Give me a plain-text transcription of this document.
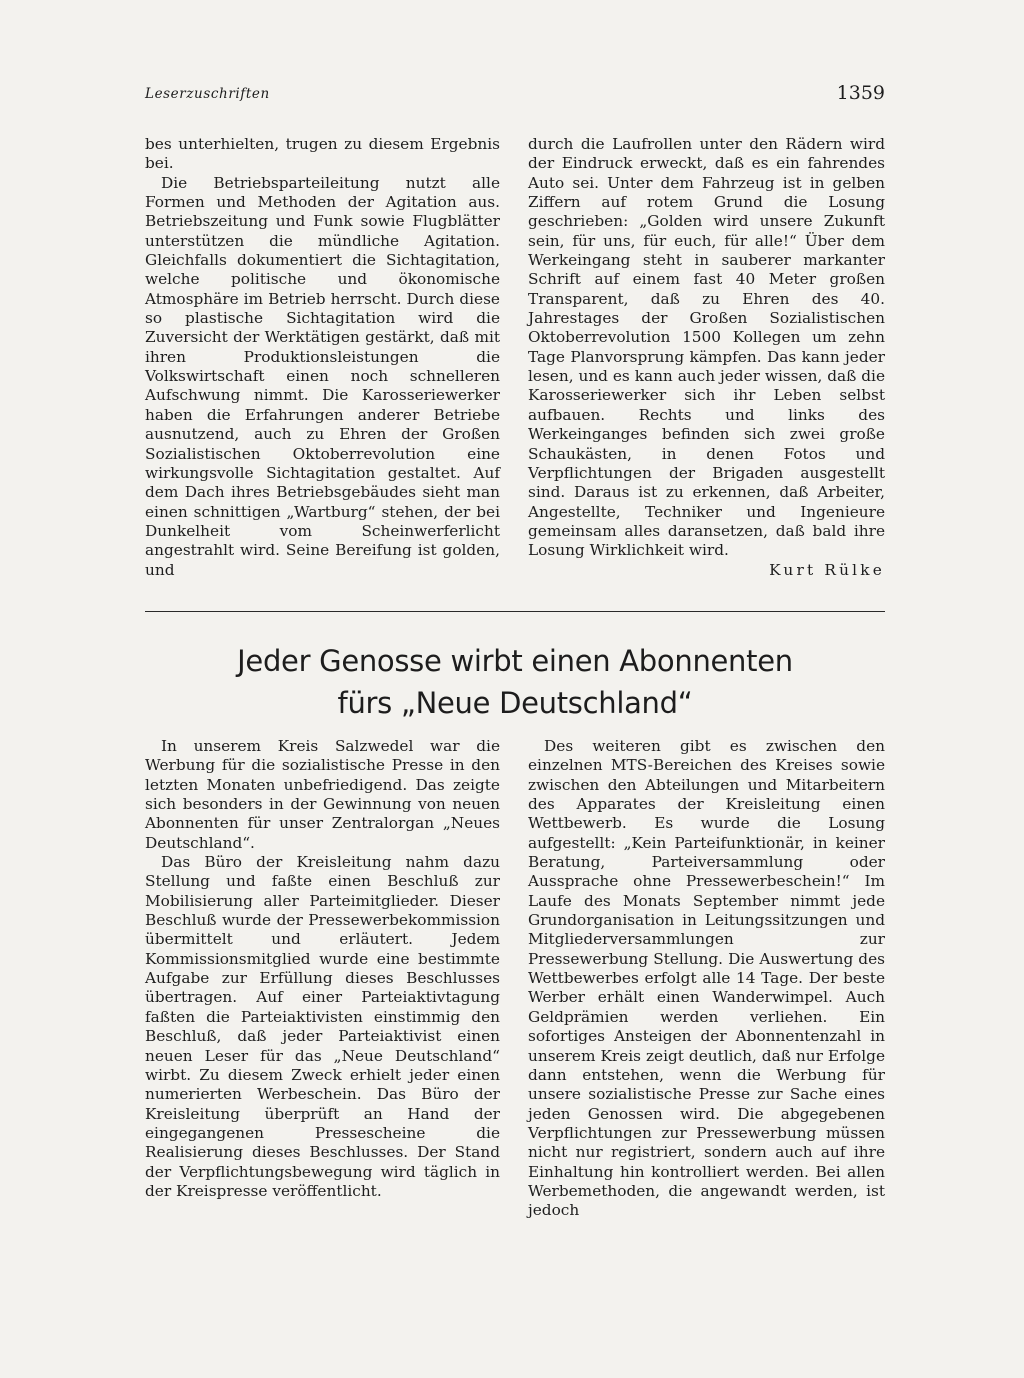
Leserzuschriften	1359

bes unterhielten, trugen zu diesem Ergebnis bei.

Die Betriebsparteileitung nutzt alle Formen und Methoden der Agitation aus. Betriebszeitung und Funk sowie Flugblätter unterstützen die mündliche Agitation. Gleichfalls dokumentiert die Sichtagitation, welche politische und ökonomische Atmosphäre im Betrieb herrscht. Durch diese so plastische Sichtagitation wird die Zuversicht der Werktätigen gestärkt, daß mit ihren Produktionsleistungen die Volkswirtschaft einen noch schnelleren Aufschwung nimmt. Die Karosseriewerker haben die Erfahrungen anderer Betriebe ausnutzend, auch zu Ehren der Großen Sozialistischen Oktoberrevolution eine wirkungsvolle Sichtagitation gestaltet. Auf dem Dach ihres Betriebsgebäudes sieht man einen schnittigen „Wartburg“ stehen, der bei Dunkelheit vom Scheinwerferlicht angestrahlt wird. Seine Bereifung ist golden, und

durch die Laufrollen unter den Rädern wird der Eindruck erweckt, daß es ein fahrendes Auto sei. Unter dem Fahrzeug ist in gelben Ziffern auf rotem Grund die Losung geschrieben: „Golden wird unsere Zukunft sein, für uns, für euch, für alle!“ Über dem Werkeingang steht in sauberer markanter Schrift auf einem fast 40 Meter großen Transparent, daß zu Ehren des 40. Jahrestages der Großen Sozialistischen Oktoberrevolution 1500 Kollegen um zehn Tage Planvorsprung kämpfen. Das kann jeder lesen, und es kann auch jeder wissen, daß die Karosseriewerker sich ihr Leben selbst aufbauen. Rechts und links des Werkeinganges befinden sich zwei große Schaukästen, in denen Fotos und Verpflichtungen der Brigaden ausgestellt sind. Daraus ist zu erkennen, daß Arbeiter, Angestellte, Techniker und Ingenieure gemeinsam alles daransetzen, daß bald ihre Losung Wirklichkeit wird.

Kurt Rülke
Jeder Genosse wirbt einen Abonnenten
fürs „Neue Deutschland“

In unserem Kreis Salzwedel war die Werbung für die sozialistische Presse in den letzten Monaten unbefriedigend. Das zeigte sich besonders in der Gewinnung von neuen Abonnenten für unser Zentralorgan „Neues Deutschland“.

Das Büro der Kreisleitung nahm dazu Stellung und faßte einen Beschluß zur Mobilisierung aller Parteimitglieder. Dieser Beschluß wurde der Pressewerbekommission übermittelt und erläutert. Jedem Kommissionsmitglied wurde eine bestimmte Aufgabe zur Erfüllung dieses Beschlusses übertragen. Auf einer Parteiaktivtagung faßten die Parteiaktivisten einstimmig den Beschluß, daß jeder Parteiaktivist einen neuen Leser für das „Neue Deutschland“ wirbt. Zu diesem Zweck erhielt jeder einen numerierten Werbeschein. Das Büro der Kreisleitung überprüft an Hand der eingegangenen Pressescheine die Realisierung dieses Beschlusses. Der Stand der Verpflichtungsbewegung wird täglich in der Kreispresse veröffentlicht.

Des weiteren gibt es zwischen den einzelnen MTS-Bereichen des Kreises sowie zwischen den Abteilungen und Mitarbeitern des Apparates der Kreisleitung einen Wettbewerb. Es wurde die Losung aufgestellt: „Kein Parteifunktionär, in keiner Beratung, Parteiversammlung oder Aussprache ohne Pressewerbeschein!“ Im Laufe des Monats September nimmt jede Grundorganisation in Leitungssitzungen und Mitgliederversammlungen zur Pressewerbung Stellung. Die Auswertung des Wettbewerbes erfolgt alle 14 Tage. Der beste Werber erhält einen Wanderwimpel. Auch Geldprämien werden verliehen. Ein sofortiges Ansteigen der Abonnentenzahl in unserem Kreis zeigt deutlich, daß nur Erfolge dann entstehen, wenn die Werbung für unsere sozialistische Presse zur Sache eines jeden Genossen wird. Die abgegebenen Verpflichtungen zur Pressewerbung müssen nicht nur registriert, sondern auch auf ihre Einhaltung hin kontrolliert werden. Bei allen Werbemethoden, die angewandt werden, ist jedoch
